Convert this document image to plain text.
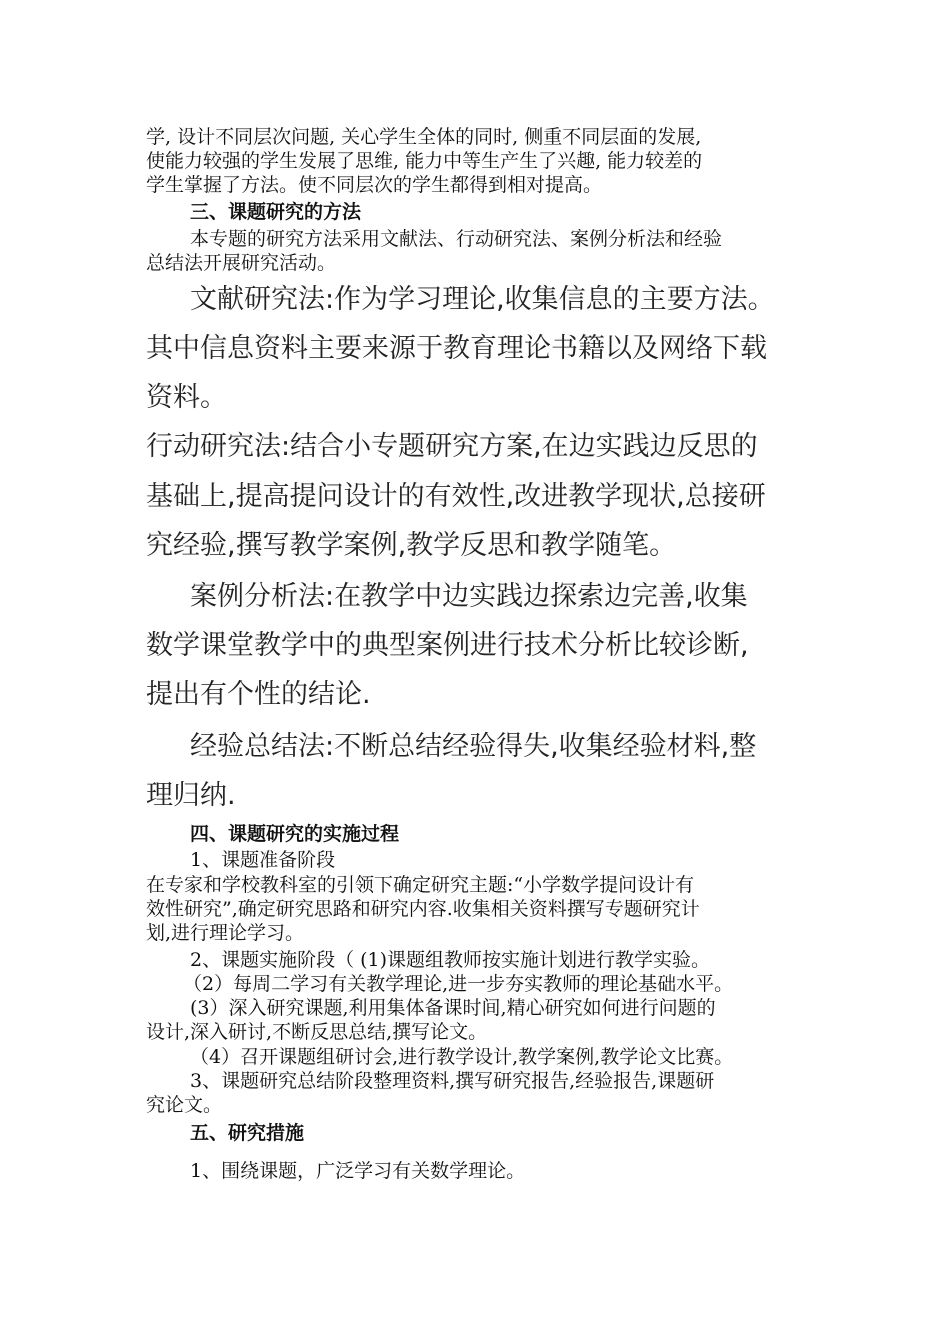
学, 设计不同层次问题, 关心学生全体的同时, 侧重不同层面的发展,

使能力较强的学生发展了思维, 能力中等生产生了兴趣, 能力较差的

学生掌握了方法。使不同层次的学生都得到相对提高。

三、课题研究的方法

本专题的研究方法采用文献法、行动研究法、案例分析法和经验

总结法开展研究活动。

文献研究法:作为学习理论,收集信息的主要方法。

其中信息资料主要来源于教育理论书籍以及网络下载

资料。

行动研究法:结合小专题研究方案,在边实践边反思的

基础上,提高提问设计的有效性,改进教学现状,总接研

究经验,撰写教学案例,教学反思和教学随笔。

案例分析法:在教学中边实践边探索边完善,收集

数学课堂教学中的典型案例进行技术分析比较诊断,

提出有个性的结论.

经验总结法:不断总结经验得失,收集经验材料,整

理归纳.

四、课题研究的实施过程

1、课题准备阶段

在专家和学校教科室的引领下确定研究主题:“小学数学提问设计有

效性研究”,确定研究思路和研究内容.收集相关资料撰写专题研究计

划,进行理论学习。

2、课题实施阶段（ (1)课题组教师按实施计划进行教学实验。

（2）每周二学习有关教学理论,进一步夯实教师的理论基础水平。

(3）深入研究课题,利用集体备课时间,精心研究如何进行问题的

设计,深入研讨,不断反思总结,撰写论文。

（4）召开课题组研讨会,进行教学设计,教学案例,教学论文比赛。

3、课题研究总结阶段整理资料,撰写研究报告,经验报告,课题研

究论文。

五、研究措施

1、围绕课题，广泛学习有关数学理论。
